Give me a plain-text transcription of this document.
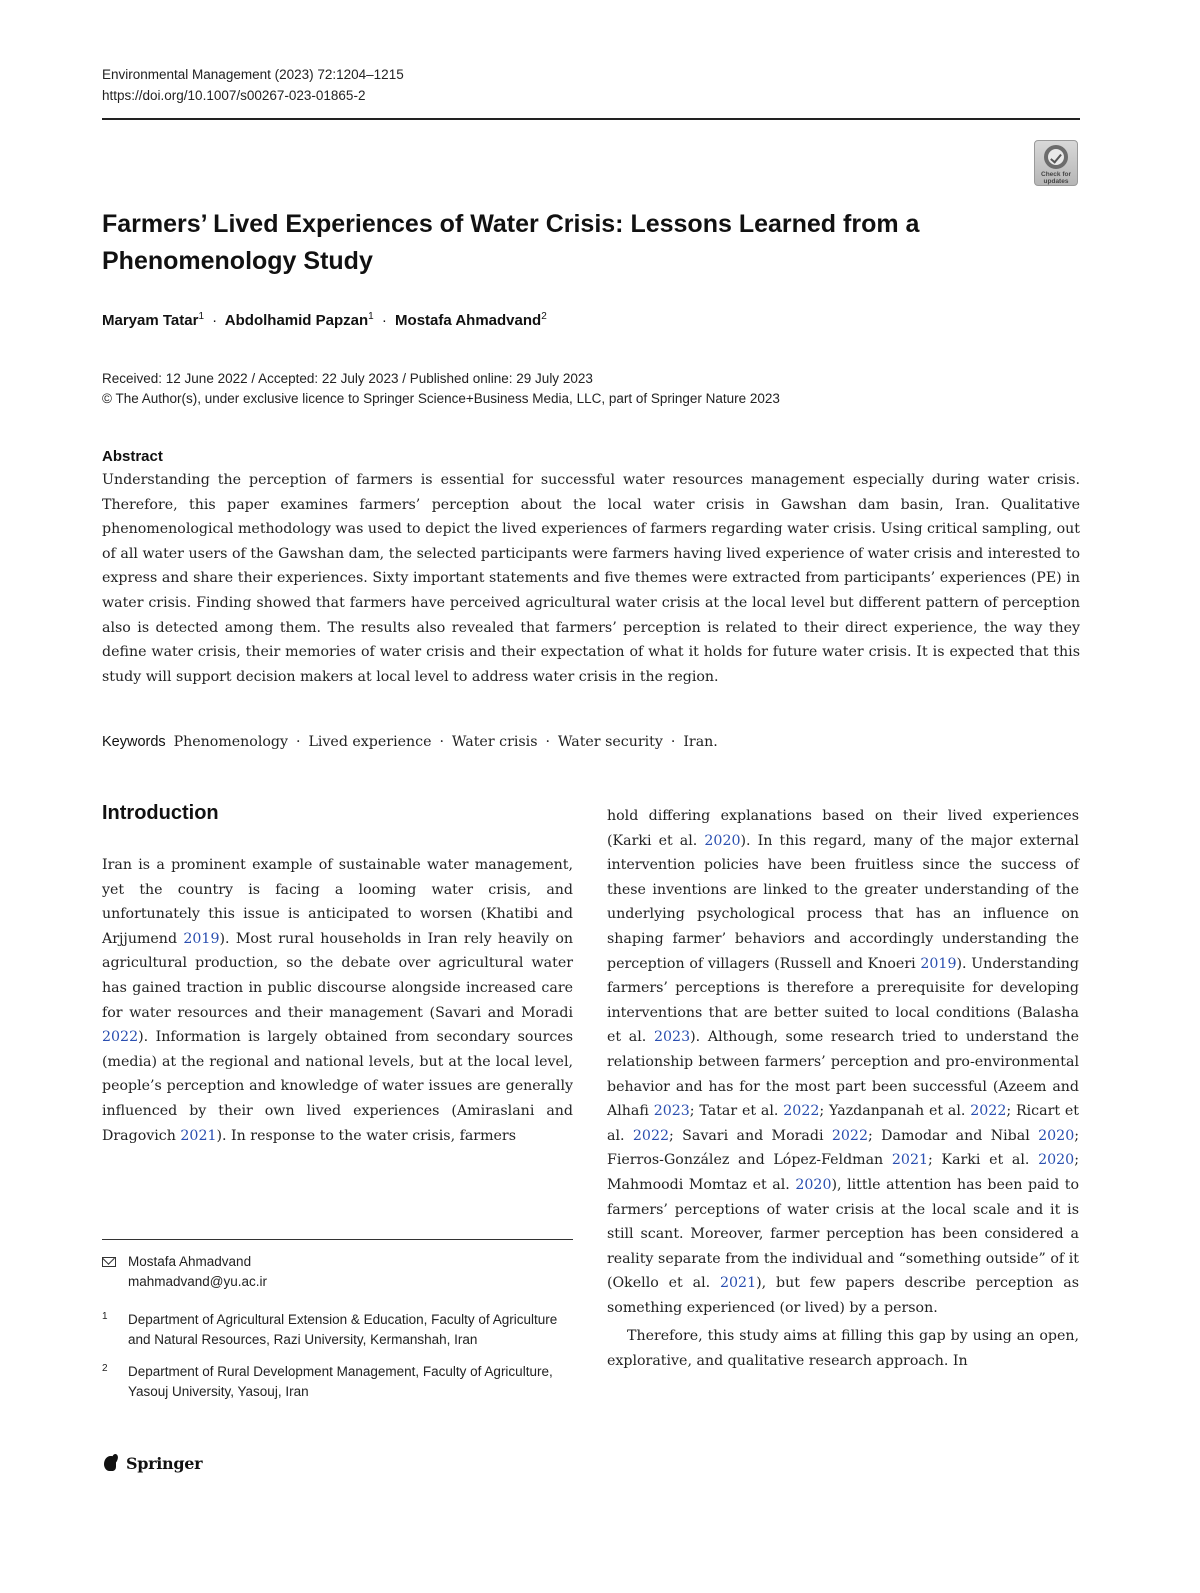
Environmental Management (2023) 72:1204–1215
https://doi.org/10.1007/s00267-023-01865-2
Check for updates
Farmers’ Lived Experiences of Water Crisis: Lessons Learned from a Phenomenology Study
Maryam Tatar$^1$ · Abdolhamid Papzan$^1$ · Mostafa Ahmadvand$^2$
Received: 12 June 2022 / Accepted: 22 July 2023 / Published online: 29 July 2023
© The Author(s), under exclusive licence to Springer Science+Business Media, LLC, part of Springer Nature 2023
Abstract

Understanding the perception of farmers is essential for successful water resources management especially during water crisis. Therefore, this paper examines farmers’ perception about the local water crisis in Gawshan dam basin, Iran. Qualitative phenomenological methodology was used to depict the lived experiences of farmers regarding water crisis. Using critical sampling, out of all water users of the Gawshan dam, the selected participants were farmers having lived experience of water crisis and interested to express and share their experiences. Sixty important statements and five themes were extracted from participants’ experiences (PE) in water crisis. Finding showed that farmers have perceived agricultural water crisis at the local level but different pattern of perception also is detected among them. The results also revealed that farmers’ perception is related to their direct experience, the way they define water crisis, their memories of water crisis and their expectation of what it holds for future water crisis. It is expected that this study will support decision makers at local level to address water crisis in the region.

Keywords Phenomenology · Lived experience · Water crisis · Water security · Iran.
Introduction

Iran is a prominent example of sustainable water management, yet the country is facing a looming water crisis, and unfortunately this issue is anticipated to worsen (Khatibi and Arjjumend 2019). Most rural households in Iran rely heavily on agricultural production, so the debate over agricultural water has gained traction in public discourse alongside increased care for water resources and their management (Savari and Moradi 2022). Information is largely obtained from secondary sources (media) at the regional and national levels, but at the local level, people’s perception and knowledge of water issues are generally influenced by their own lived experiences (Amiraslani and Dragovich 2021). In response to the water crisis, farmers

hold differing explanations based on their lived experiences (Karki et al. 2020). In this regard, many of the major external intervention policies have been fruitless since the success of these inventions are linked to the greater understanding of the underlying psychological process that has an influence on shaping farmer’ behaviors and accordingly understanding the perception of villagers (Russell and Knoeri 2019). Understanding farmers’ perceptions is therefore a prerequisite for developing interventions that are better suited to local conditions (Balasha et al. 2023). Although, some research tried to understand the relationship between farmers’ perception and pro-environmental behavior and has for the most part been successful (Azeem and Alhafi 2023; Tatar et al. 2022; Yazdanpanah et al. 2022; Ricart et al. 2022; Savari and Moradi 2022; Damodar and Nibal 2020; Fierros-González and López-Feldman 2021; Karki et al. 2020; Mahmoodi Momtaz et al. 2020), little attention has been paid to farmers’ perceptions of water crisis at the local scale and it is still scant. Moreover, farmer perception has been considered a reality separate from the individual and “something outside” of it (Okello et al. 2021), but few papers describe perception as something experienced (or lived) by a person.

Therefore, this study aims at filling this gap by using an open, explorative, and qualitative research approach. In

Mostafa Ahmadvand
mahmadvand@yu.ac.ir
1 Department of Agricultural Extension & Education, Faculty of Agriculture and Natural Resources, Razi University, Kermanshah, Iran
2 Department of Rural Development Management, Faculty of Agriculture, Yasouj University, Yasouj, Iran
Springer
